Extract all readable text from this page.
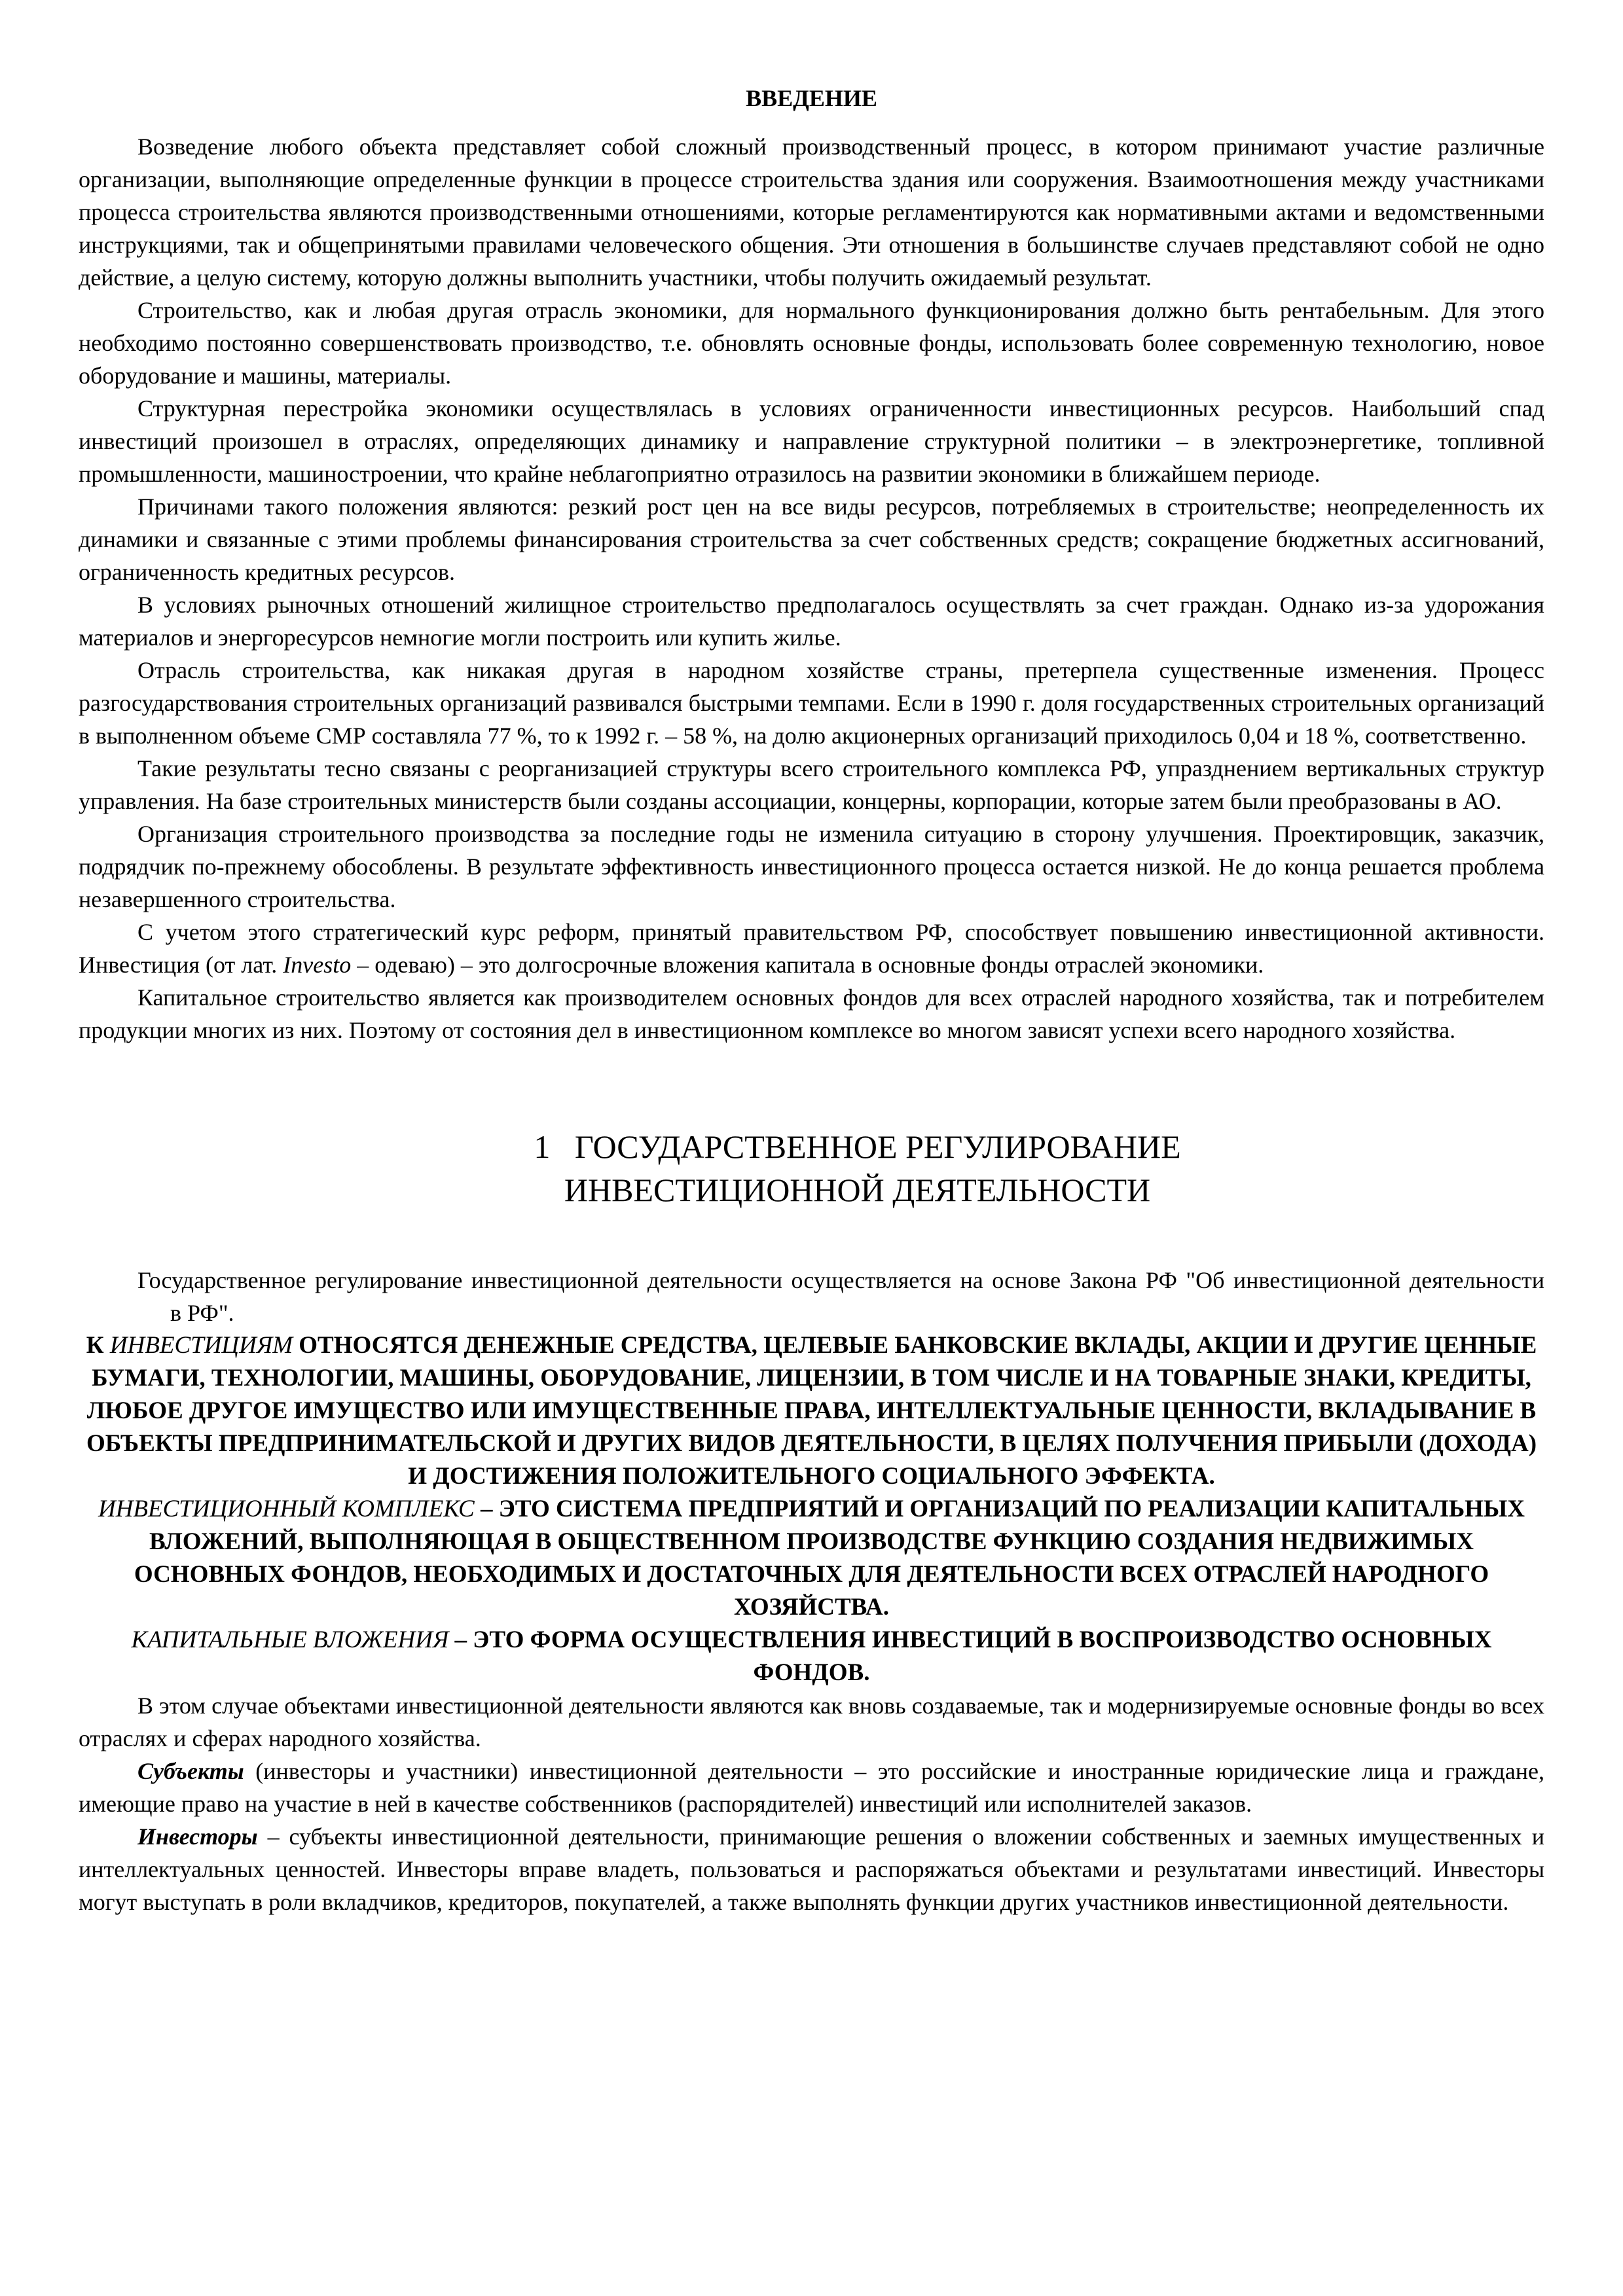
ВВЕДЕНИЕ

Возведение любого объекта представляет собой сложный производственный процесс, в котором принимают участие различные организации, выполняющие определенные функции в процессе строительства здания или сооружения. Взаимоотношения между участниками процесса строительства являются производственными отношениями, которые регламентируются как нормативными актами и ведомственными инструкциями, так и общепринятыми правилами человеческого общения. Эти отношения в большинстве случаев представляют собой не одно действие, а целую систему, которую должны выполнить участники, чтобы получить ожидаемый результат.

Строительство, как и любая другая отрасль экономики, для нормального функционирования должно быть рентабельным. Для этого необходимо постоянно совершенствовать производство, т.е. обновлять основные фонды, использовать более современную технологию, новое оборудование и машины, материалы.

Структурная перестройка экономики осуществлялась в условиях ограниченности инвестиционных ресурсов. Наибольший спад инвестиций произошел в отраслях, определяющих динамику и направление структурной политики – в электроэнергетике, топливной промышленности, машиностроении, что крайне неблагоприятно отразилось на развитии экономики в ближайшем периоде.

Причинами такого положения являются: резкий рост цен на все виды ресурсов, потребляемых в строительстве; неопределенность их динамики и связанные с этими проблемы финансирования строительства за счет собственных средств; сокращение бюджетных ассигнований, ограниченность кредитных ресурсов.

В условиях рыночных отношений жилищное строительство предполагалось осуществлять за счет граждан. Однако из-за удорожания материалов и энергоресурсов немногие могли построить или купить жилье.

Отрасль строительства, как никакая другая в народном хозяйстве страны, претерпела существенные изменения. Процесс разгосударствования строительных организаций развивался быстрыми темпами. Если в 1990 г. доля государственных строительных организаций в выполненном объеме СМР составляла 77 %, то к 1992 г. – 58 %, на долю акционерных организаций приходилось 0,04 и 18 %, соответственно.

Такие результаты тесно связаны с реорганизацией структуры всего строительного комплекса РФ, упразднением вертикальных структур управления. На базе строительных министерств были созданы ассоциации, концерны, корпорации, которые затем были преобразованы в АО.

Организация строительного производства за последние годы не изменила ситуацию в сторону улучшения. Проектировщик, заказчик, подрядчик по-прежнему обособлены. В результате эффективность инвестиционного процесса остается низкой. Не до конца решается проблема незавершенного строительства.

С учетом этого стратегический курс реформ, принятый правительством РФ, способствует повышению инвестиционной активности. Инвестиция (от лат. Investo – одеваю) – это долгосрочные вложения капитала в основные фонды отраслей экономики.

Капитальное строительство является как производителем основных фондов для всех отраслей народного хозяйства, так и потребителем продукции многих из них. Поэтому от состояния дел в инвестиционном комплексе во многом зависят успехи всего народного хозяйства.

1   ГОСУДАРСТВЕННОЕ РЕГУЛИРОВАНИЕ
ИНВЕСТИЦИОННОЙ ДЕЯТЕЛЬНОСТИ

Государственное регулирование инвестиционной деятельности осуществляется на основе Закона РФ "Об инвестиционной деятельностив РФ".

К ИНВЕСТИЦИЯМ ОТНОСЯТСЯ ДЕНЕЖНЫЕ СРЕДСТВА, ЦЕЛЕВЫЕ БАНКОВСКИЕ ВКЛАДЫ, АКЦИИ И ДРУГИЕ ЦЕННЫЕ БУМАГИ, ТЕХНОЛОГИИ, МАШИНЫ, ОБОРУДОВАНИЕ, ЛИЦЕНЗИИ, В ТОМ ЧИСЛЕ И НА ТОВАРНЫЕ ЗНАКИ, КРЕДИТЫ, ЛЮБОЕ ДРУГОЕ ИМУЩЕСТВО ИЛИ ИМУЩЕСТВЕННЫЕ ПРАВА, ИНТЕЛЛЕКТУАЛЬНЫЕ ЦЕННОСТИ, ВКЛАДЫВАНИЕ В ОБЪЕКТЫ ПРЕДПРИНИМАТЕЛЬСКОЙ И ДРУГИХ ВИДОВ ДЕЯТЕЛЬНОСТИ, В ЦЕЛЯХ ПОЛУЧЕНИЯ ПРИБЫЛИ (ДОХОДА) И ДОСТИЖЕНИЯ ПОЛОЖИТЕЛЬНОГО СОЦИАЛЬНОГО ЭФФЕКТА.

ИНВЕСТИЦИОННЫЙ КОМПЛЕКС – ЭТО СИСТЕМА ПРЕДПРИЯТИЙ И ОРГАНИЗАЦИЙ ПО РЕАЛИЗАЦИИ КАПИТАЛЬНЫХ ВЛОЖЕНИЙ, ВЫПОЛНЯЮЩАЯ В ОБЩЕСТВЕННОМ ПРОИЗВОДСТВЕ ФУНКЦИЮ СОЗДАНИЯ НЕДВИЖИМЫХ ОСНОВНЫХ ФОНДОВ, НЕОБХОДИМЫХ И ДОСТАТОЧНЫХ ДЛЯ ДЕЯТЕЛЬНОСТИ ВСЕХ ОТРАСЛЕЙ НАРОДНОГО ХОЗЯЙСТВА.

КАПИТАЛЬНЫЕ ВЛОЖЕНИЯ – ЭТО ФОРМА ОСУЩЕСТВЛЕНИЯ ИНВЕСТИЦИЙ В ВОСПРОИЗВОДСТВО ОСНОВНЫХ ФОНДОВ.

В этом случае объектами инвестиционной деятельности являются как вновь создаваемые, так и модернизируемые основные фонды во всех отраслях и сферах народного хозяйства.

Субъекты (инвесторы и участники) инвестиционной деятельности – это российские и иностранные юридические лица и граждане, имеющие право на участие в ней в качестве собственников (распорядителей) инвестиций или исполнителей заказов.

Инвесторы – субъекты инвестиционной деятельности, принимающие решения о вложении собственных и заемных имущественных и интеллектуальных ценностей. Инвесторы вправе владеть, пользоваться и распоряжаться объектами и результатами инвестиций. Инвесторы могут выступать в роли вкладчиков, кредиторов, покупателей, а также выполнять функции других участников инвестиционной деятельности.
